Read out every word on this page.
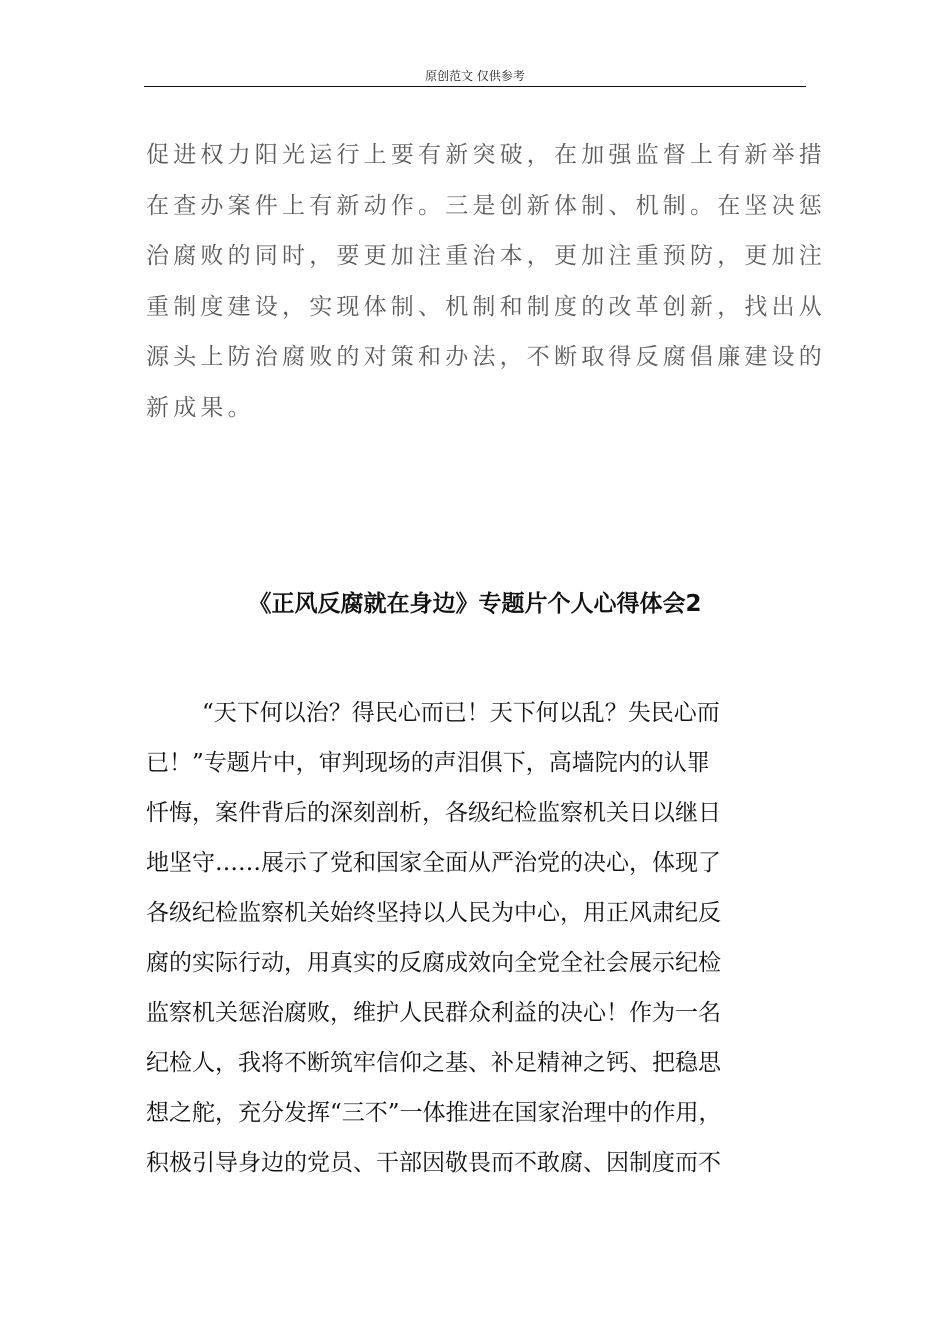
原创范文 仅供参考
促进权力阳光运行上要有新突破，在加强监督上有新举措
在查办案件上有新动作。三是创新体制、机制。在坚决惩
治腐败的同时，要更加注重治本，更加注重预防，更加注
重制度建设，实现体制、机制和制度的改革创新，找出从
源头上防治腐败的对策和办法，不断取得反腐倡廉建设的
新成果。
《正风反腐就在身边》专题片个人心得体会2
“天下何以治？得民心而已！天下何以乱？失民心而
已！”专题片中，审判现场的声泪俱下，高墙院内的认罪
忏悔，案件背后的深刻剖析，各级纪检监察机关日以继日
地坚守……展示了党和国家全面从严治党的决心，体现了
各级纪检监察机关始终坚持以人民为中心，用正风肃纪反
腐的实际行动，用真实的反腐成效向全党全社会展示纪检
监察机关惩治腐败，维护人民群众利益的决心！作为一名
纪检人，我将不断筑牢信仰之基、补足精神之钙、把稳思
想之舵，充分发挥“三不”一体推进在国家治理中的作用，
积极引导身边的党员、干部因敬畏而不敢腐、因制度而不
